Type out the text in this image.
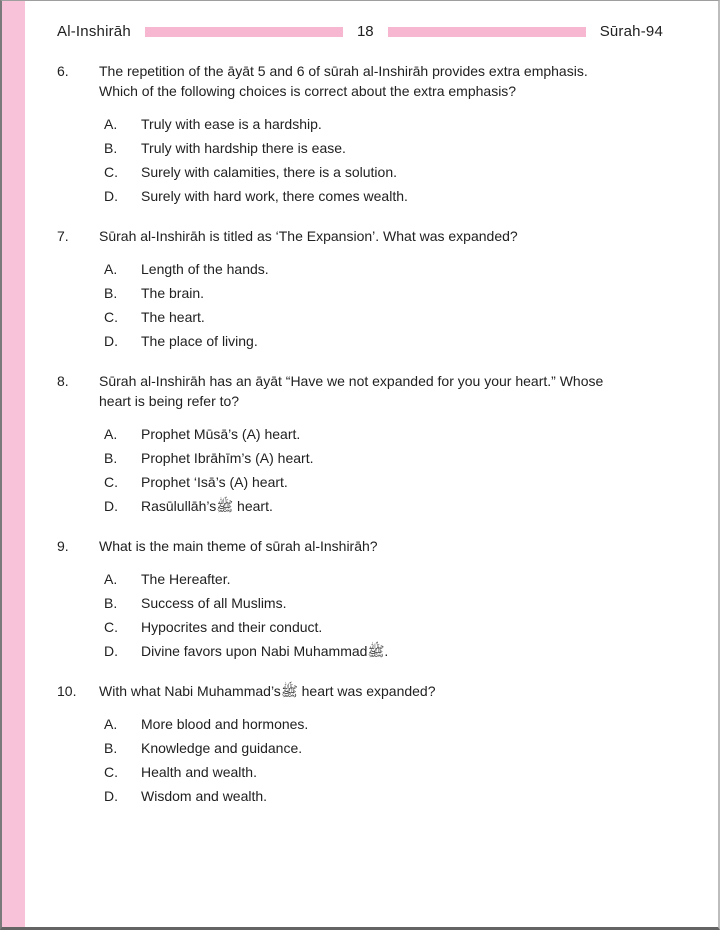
Al-Inshirāh	18	Sūrah-94
6.	The repetition of the āyāt 5 and 6 of sūrah al-Inshirāh provides extra emphasis.
Which of the following choices is correct about the extra emphasis?
A.	Truly with ease is a hardship.
B.	Truly with hardship there is ease.
C.	Surely with calamities, there is a solution.
D.	Surely with hard work, there comes wealth.
7.	Sūrah al-Inshirāh is titled as ‘The Expansion’. What was expanded?
A.	Length of the hands.
B.	The brain.
C.	The heart.
D.	The place of living.
8.	Sūrah al-Inshirāh has an āyāt “Have we not expanded for you your heart.” Whose
heart is being refer to?
A.	Prophet Mūsā’s (A) heart.
B.	Prophet Ibrāhīm’s (A) heart.
C.	Prophet ‘Isā’s (A) heart.
D.	Rasūlullāh’sﷺ heart.
9.	What is the main theme of sūrah al-Inshirāh?
A.	The Hereafter.
B.	Success of all Muslims.
C.	Hypocrites and their conduct.
D.	Divine favors upon Nabi Muhammadﷺ.
10.	With what Nabi Muhammad’sﷺ heart was expanded?
A.	More blood and hormones.
B.	Knowledge and guidance.
C.	Health and wealth.
D.	Wisdom and wealth.
